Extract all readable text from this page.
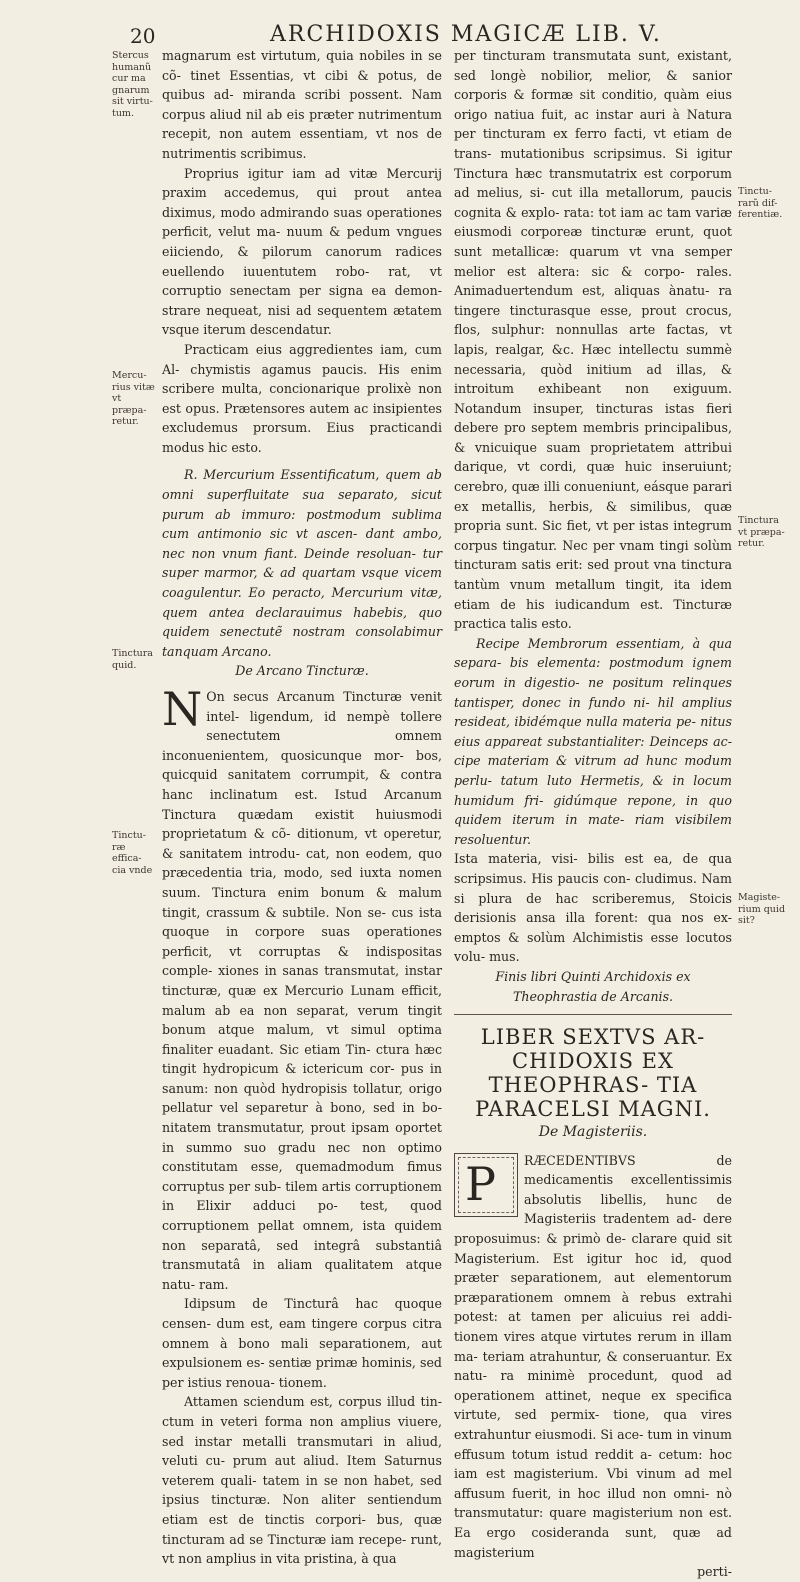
20	ARCHIDOXIS MAGICÆ LIB. V.
Stercus humanũ cur ma gnarum sit virtu- tum.
Mercu- rius vitæ vt præpa- retur.
Tinctura quid.
Tinctu- ræ effica- cia vnde
Tinctu- rarũ dif- ferentiæ.
Tinctura vt præpa- retur.
Magiste- rium quid sit?

magnarum est virtutum, quia nobiles in se cõ- tinet Essentias, vt cibi & potus, de quibus ad- miranda scribi possent. Nam corpus aliud nil ab eis præter nutrimentum recepit, non autem essentiam, vt nos de nutrimentis scribimus.

Proprius igitur iam ad vitæ Mercurij praxim accedemus, qui prout antea diximus, modo admirando suas operationes perficit, velut ma- nuum & pedum vngues eiiciendo, & pilorum canorum radices euellendo iuuentutem robo- rat, vt corruptio senectam per signa ea demon- strare nequeat, nisi ad sequentem ætatem vsque iterum descendatur.

Practicam eius aggredientes iam, cum Al- chymistis agamus paucis. His enim scribere multa, concionarique prolixè non est opus. Prætensores autem ac insipientes excludemus prorsum. Eius practicandi modus hic esto.

R. Mercurium Essentificatum, quem ab omni superfluitate sua separato, sicut purum ab immuro: postmodum sublima cum antimonio sic vt ascen- dant ambo, nec non vnum fiant. Deinde resoluan- tur super marmor, & ad quartam vsque vicem coagulentur. Eo peracto, Mercurium vitæ, quem antea declarauimus habebis, quo quidem senectutẽ nostram consolabimur tanquam Arcano.

De Arcano Tincturæ.

N On secus Arcanum Tincturæ venit intel- ligendum, id nempè tollere senectutem omnem inconuenientem, quosicunque mor- bos, quicquid sanitatem corrumpit, & contra hanc inclinatum est. Istud Arcanum Tinctura quædam existit huiusmodi proprietatum & cõ- ditionum, vt operetur, & sanitatem introdu- cat, non eodem, quo præcedentia tria, modo, sed iuxta nomen suum. Tinctura enim bonum & malum tingit, crassum & subtile. Non se- cus ista quoque in corpore suas operationes perficit, vt corruptas & indispositas comple- xiones in sanas transmutat, instar tincturæ, quæ ex Mercurio Lunam efficit, malum ab ea non separat, verum tingit bonum atque malum, vt simul optima finaliter euadant. Sic etiam Tin- ctura hæc tingit hydropicum & ictericum cor- pus in sanum: non quòd hydropisis tollatur, origo pellatur vel separetur à bono, sed in bo- nitatem transmutatur, prout ipsam oportet in summo suo gradu nec non optimo constitutam esse, quemadmodum fimus corruptus per sub- tilem artis corruptionem in Elixir adduci po- test, quod corruptionem pellat omnem, ista quidem non separatâ, sed integrâ substantiâ transmutatâ in aliam qualitatem atque natu- ram.

Idipsum de Tincturâ hac quoque censen- dum est, eam tingere corpus citra omnem à bono mali separationem, aut expulsionem es- sentiæ primæ hominis, sed per istius renoua- tionem.

Attamen sciendum est, corpus illud tin- ctum in veteri forma non amplius viuere, sed instar metalli transmutari in aliud, veluti cu- prum aut aliud. Item Saturnus veterem quali- tatem in se non habet, sed ipsius tincturæ. Non aliter sentiendum etiam est de tinctis corpori- bus, quæ tincturam ad se Tincturæ iam recepe- runt, vt non amplius in vita pristina, à qua

per tincturam transmutata sunt, existant, sed longè nobilior, melior, & sanior corporis & formæ sit conditio, quàm eius origo natiua fuit, ac instar auri à Natura per tincturam ex ferro facti, vt etiam de trans- mutationibus scripsimus. Si igitur Tinctura hæc transmutatrix est corporum ad melius, si- cut illa metallorum, paucis cognita & explo- rata: tot iam ac tam variæ eiusmodi corporeæ tincturæ erunt, quot sunt metallicæ: quarum vt vna semper melior est altera: sic & corpo- rales. Animaduertendum est, aliquas ànatu- ra tingere tincturasque esse, prout crocus, flos, sulphur: nonnullas arte factas, vt lapis, realgar, &c. Hæc intellectu summè necessaria, quòd initium ad illas, & introitum exhibeant non exiguum. Notandum insuper, tincturas istas fieri debere pro septem membris principalibus, & vnicuique suam proprietatem attribui darique, vt cordi, quæ huic inseruiunt; cerebro, quæ illi conueniunt, eásque parari ex metallis, herbis, & similibus, quæ propria sunt. Sic fiet, vt per istas integrum corpus tingatur. Nec per vnam tingi solùm tincturam satis erit: sed prout vna tinctura tantùm vnum metallum tingit, ita idem etiam de his iudicandum est. Tincturæ practica talis esto.

Recipe Membrorum essentiam, à qua separa- bis elementa: postmodum ignem eorum in digestio- ne positum relinques tantisper, donec in fundo ni- hil amplius resideat, ibidémque nulla materia pe- nitus eius appareat substantialiter: Deinceps ac- cipe materiam & vitrum ad hunc modum perlu- tatum luto Hermetis, & in locum humidum fri- gidúmque repone, in quo quidem iterum in mate- riam visibilem resoluentur.

Ista materia, visi- bilis est ea, de qua scripsimus. His paucis con- cludimus. Nam si plura de hac scriberemus, Stoicis derisionis ansa illa forent: qua nos ex- emptos & solùm Alchimistis esse locutos volu- mus.

Finis libri Quinti Archidoxis ex Theophrastia de Arcanis.

LIBER SEXTVS AR- CHIDOXIS EX THEOPHRAS- TIA PARACELSI MAGNI.

De Magisteriis.

P	RÆCEDENTIBVS de medicamentis excellentissimis absolutis libellis, hunc de Magisteriis tradentem ad- dere proposuimus: & primò de- clarare quid sit Magisterium. Est igitur hoc id, quod præter separationem, aut elementorum præparationem omnem à rebus extrahi potest: at tamen per alicuius rei addi- tionem vires atque virtutes rerum in illam ma- teriam atrahuntur, & conseruantur. Ex natu- ra minimè procedunt, quod ad operationem attinet, neque ex specifica virtute, sed permix- tione, qua vires extrahuntur eiusmodi. Si ace- tum in vinum effusum totum istud reddit a- cetum: hoc iam est magisterium. Vbi vinum ad mel affusum fuerit, in hoc illud non omni- nò transmutatur: quare magisterium non est. Ea ergo cosideranda sunt, quæ ad magisterium

perti-
